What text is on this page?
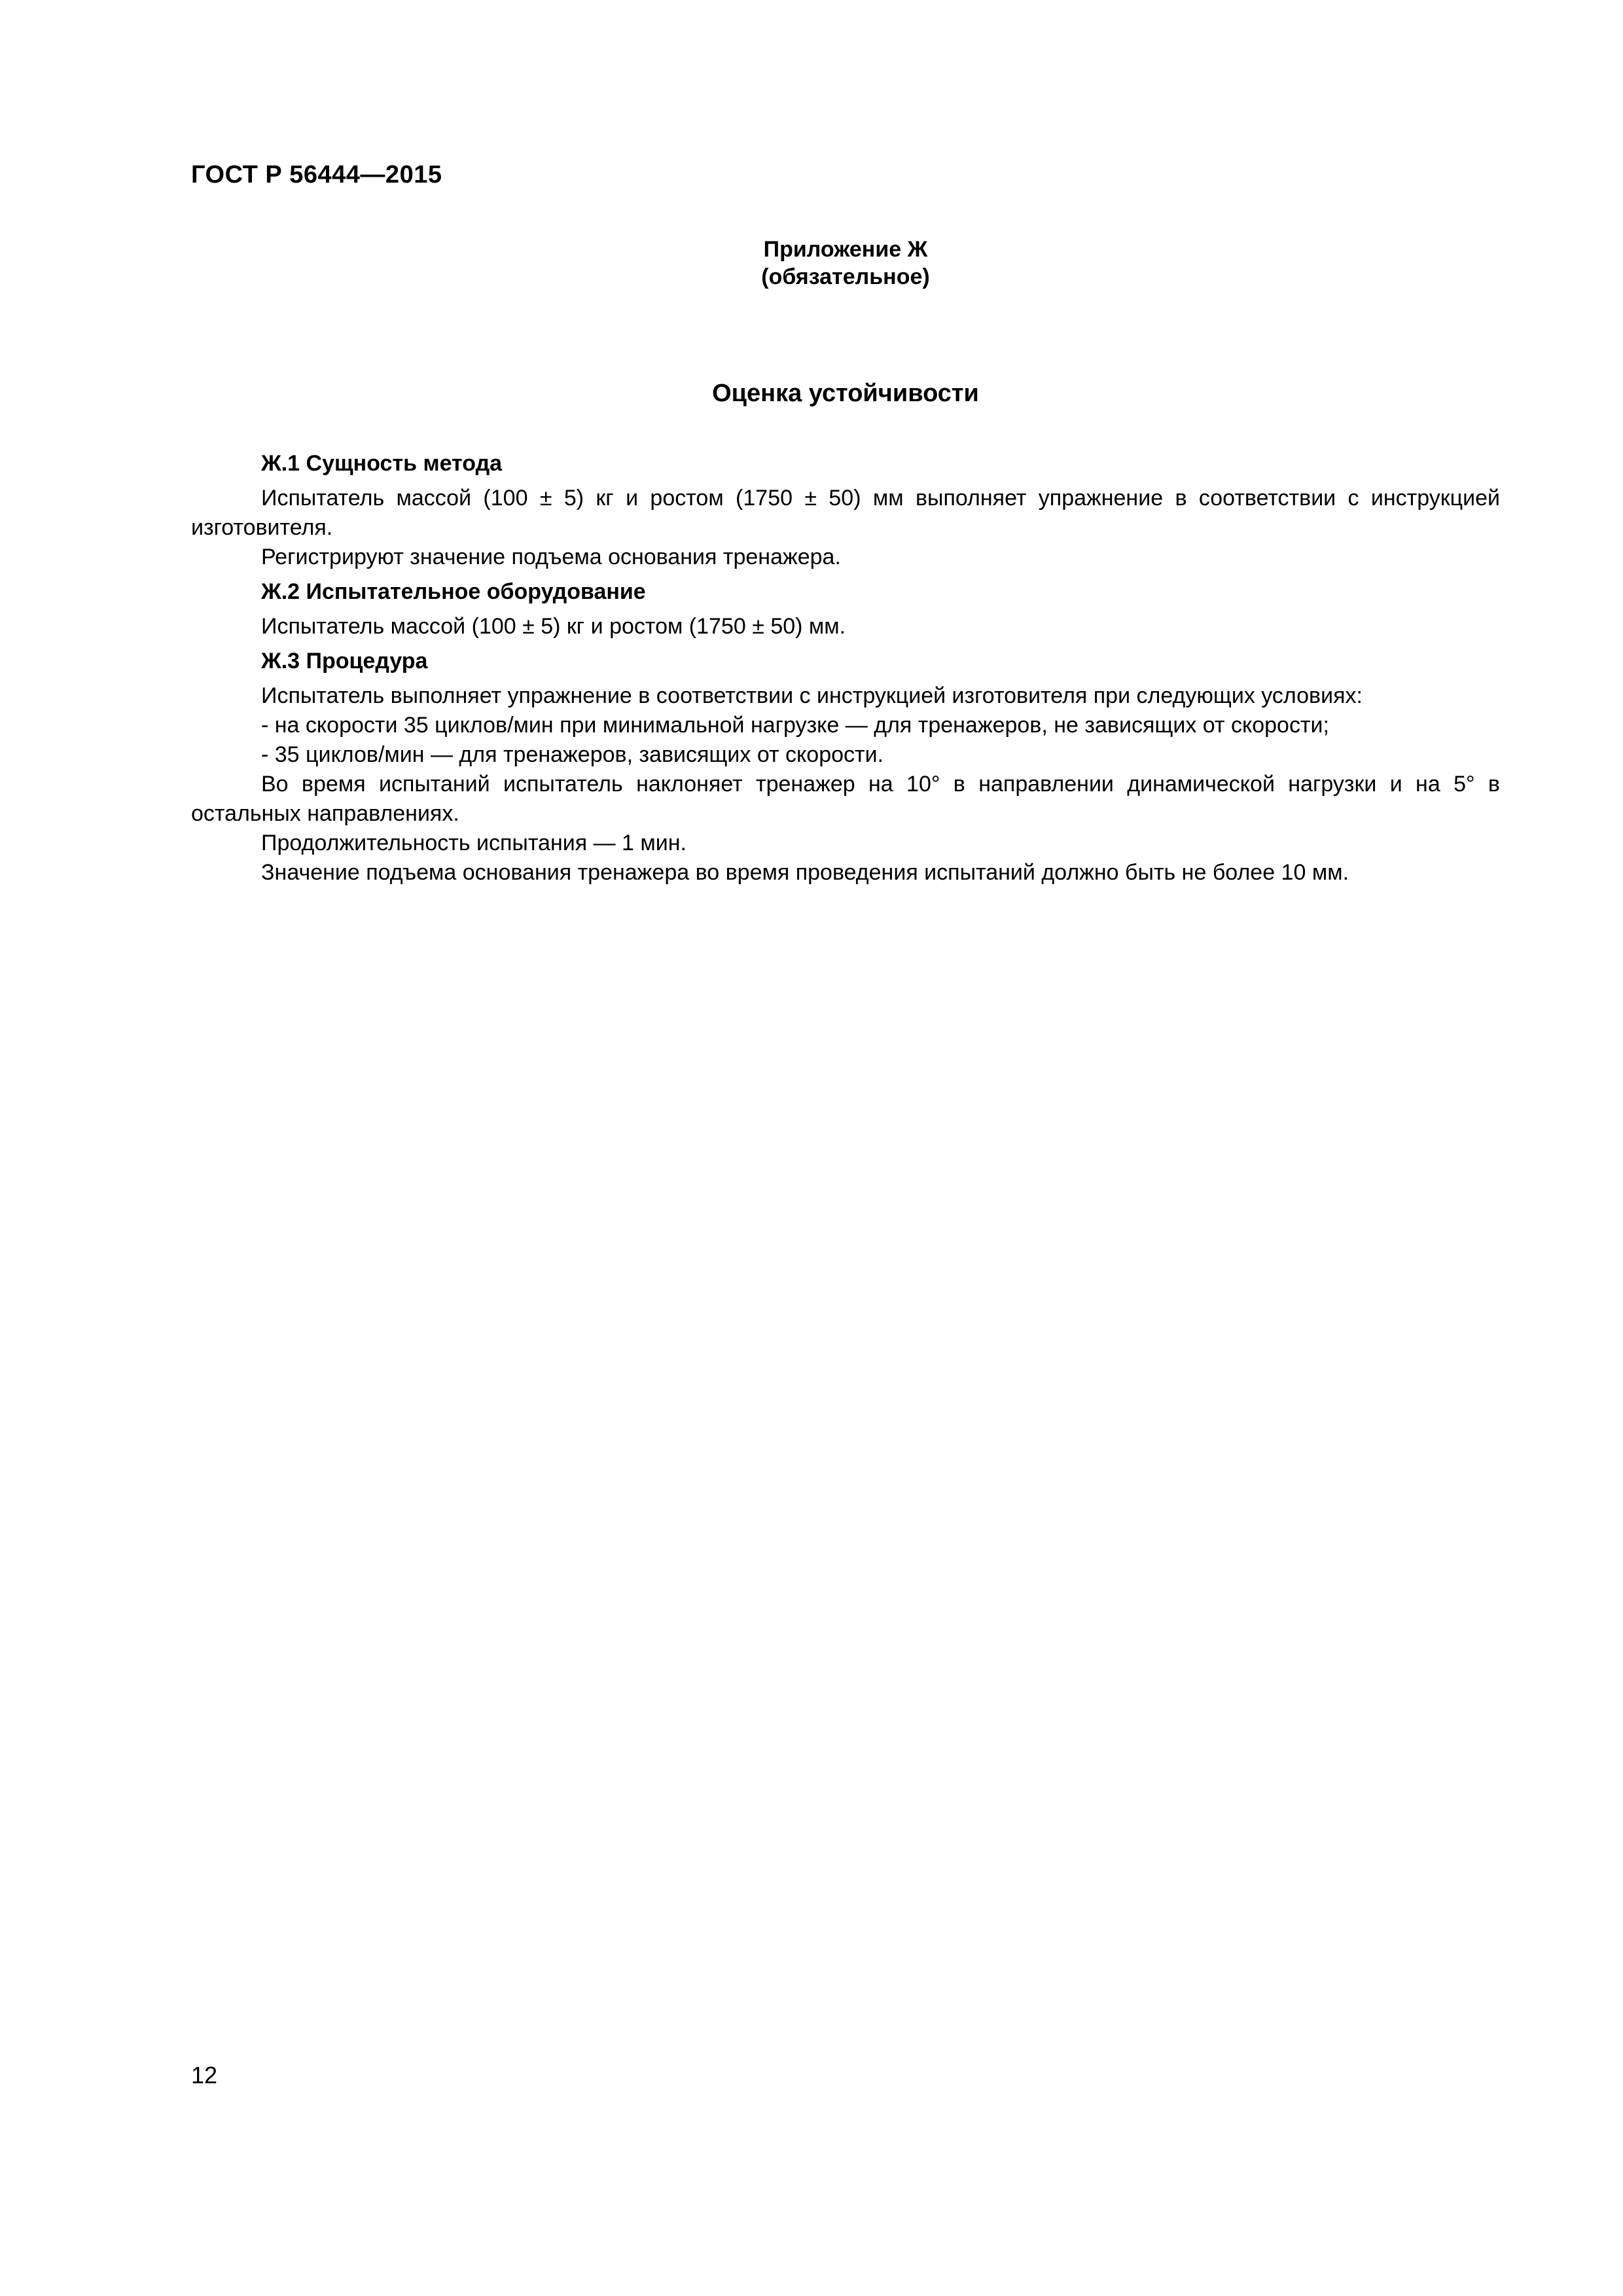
ГОСТ Р 56444—2015
Приложение Ж
(обязательное)
Оценка устойчивости

Ж.1 Сущность метода

Испытатель массой (100 ± 5) кг и ростом (1750 ± 50) мм выполняет упражнение в соответствии с инструкцией изготовителя.

Регистрируют значение подъема основания тренажера.

Ж.2 Испытательное оборудование

Испытатель массой (100 ± 5) кг и ростом (1750 ± 50) мм.

Ж.3 Процедура

Испытатель выполняет упражнение в соответствии с инструкцией изготовителя при следующих условиях:

- на скорости 35 циклов/мин при минимальной нагрузке — для тренажеров, не зависящих от скорости;

- 35 циклов/мин — для тренажеров, зависящих от скорости.

Во время испытаний испытатель наклоняет тренажер на 10° в направлении динамической нагрузки и на 5° в остальных направлениях.

Продолжительность испытания — 1 мин.

Значение подъема основания тренажера во время проведения испытаний должно быть не более 10 мм.

12
